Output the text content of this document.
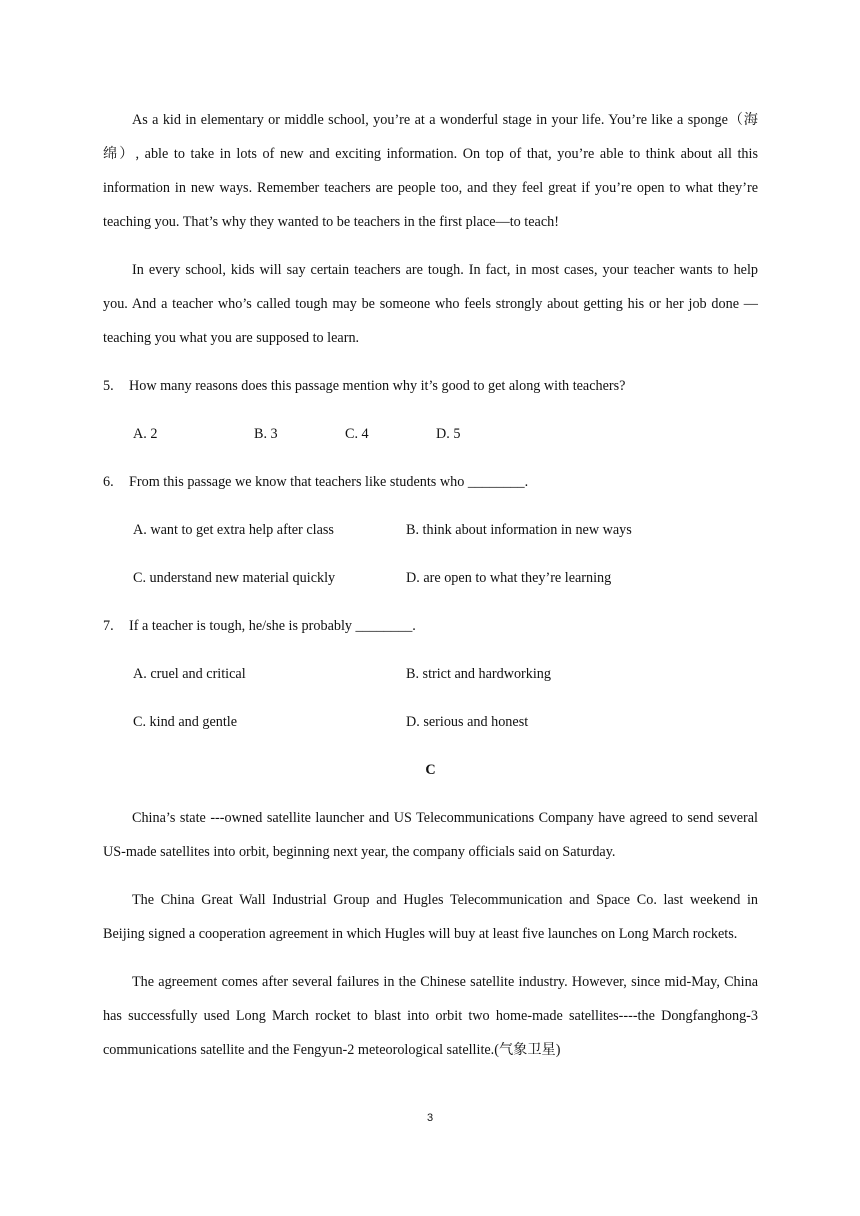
As a kid in elementary or middle school, you’re at a wonderful stage in your life. You’re like a sponge（海绵）, able to take in lots of new and exciting information. On top of that, you’re able to think about all this information in new ways. Remember teachers are people too, and they feel great if you’re open to what they’re teaching you. That’s why they wanted to be teachers in the first place—to teach!

In every school, kids will say certain teachers are tough. In fact, in most cases, your teacher wants to help you. And a teacher who’s called tough may be someone who feels strongly about getting his or her job done — teaching you what you are supposed to learn.

5. How many reasons does this passage mention why it’s good to get along with teachers?
A. 2	B. 3	C. 4	D. 5
6. From this passage we know that teachers like students who ________.
A. want to get extra help after class	B. think about information in new ways
C. understand new material quickly	D. are open to what they’re learning
7. If a teacher is tough, he/she is probably ________.
A. cruel and critical	B. strict and hardworking
C. kind and gentle	D. serious and honest
C

China’s state ---owned satellite launcher and US Telecommunications Company have agreed to send several US-made satellites into orbit, beginning next year, the company officials said on Saturday.

The China Great Wall Industrial Group and Hugles Telecommunication and Space Co. last weekend in Beijing signed a cooperation agreement in which Hugles will buy at least five launches on Long March rockets.

The agreement comes after several failures in the Chinese satellite industry. However, since mid-May, China has successfully used Long March rocket to blast into orbit two home-made satellites----the Dongfanghong-3 communications satellite and the Fengyun-2 meteorological satellite.(气象卫星)

3
